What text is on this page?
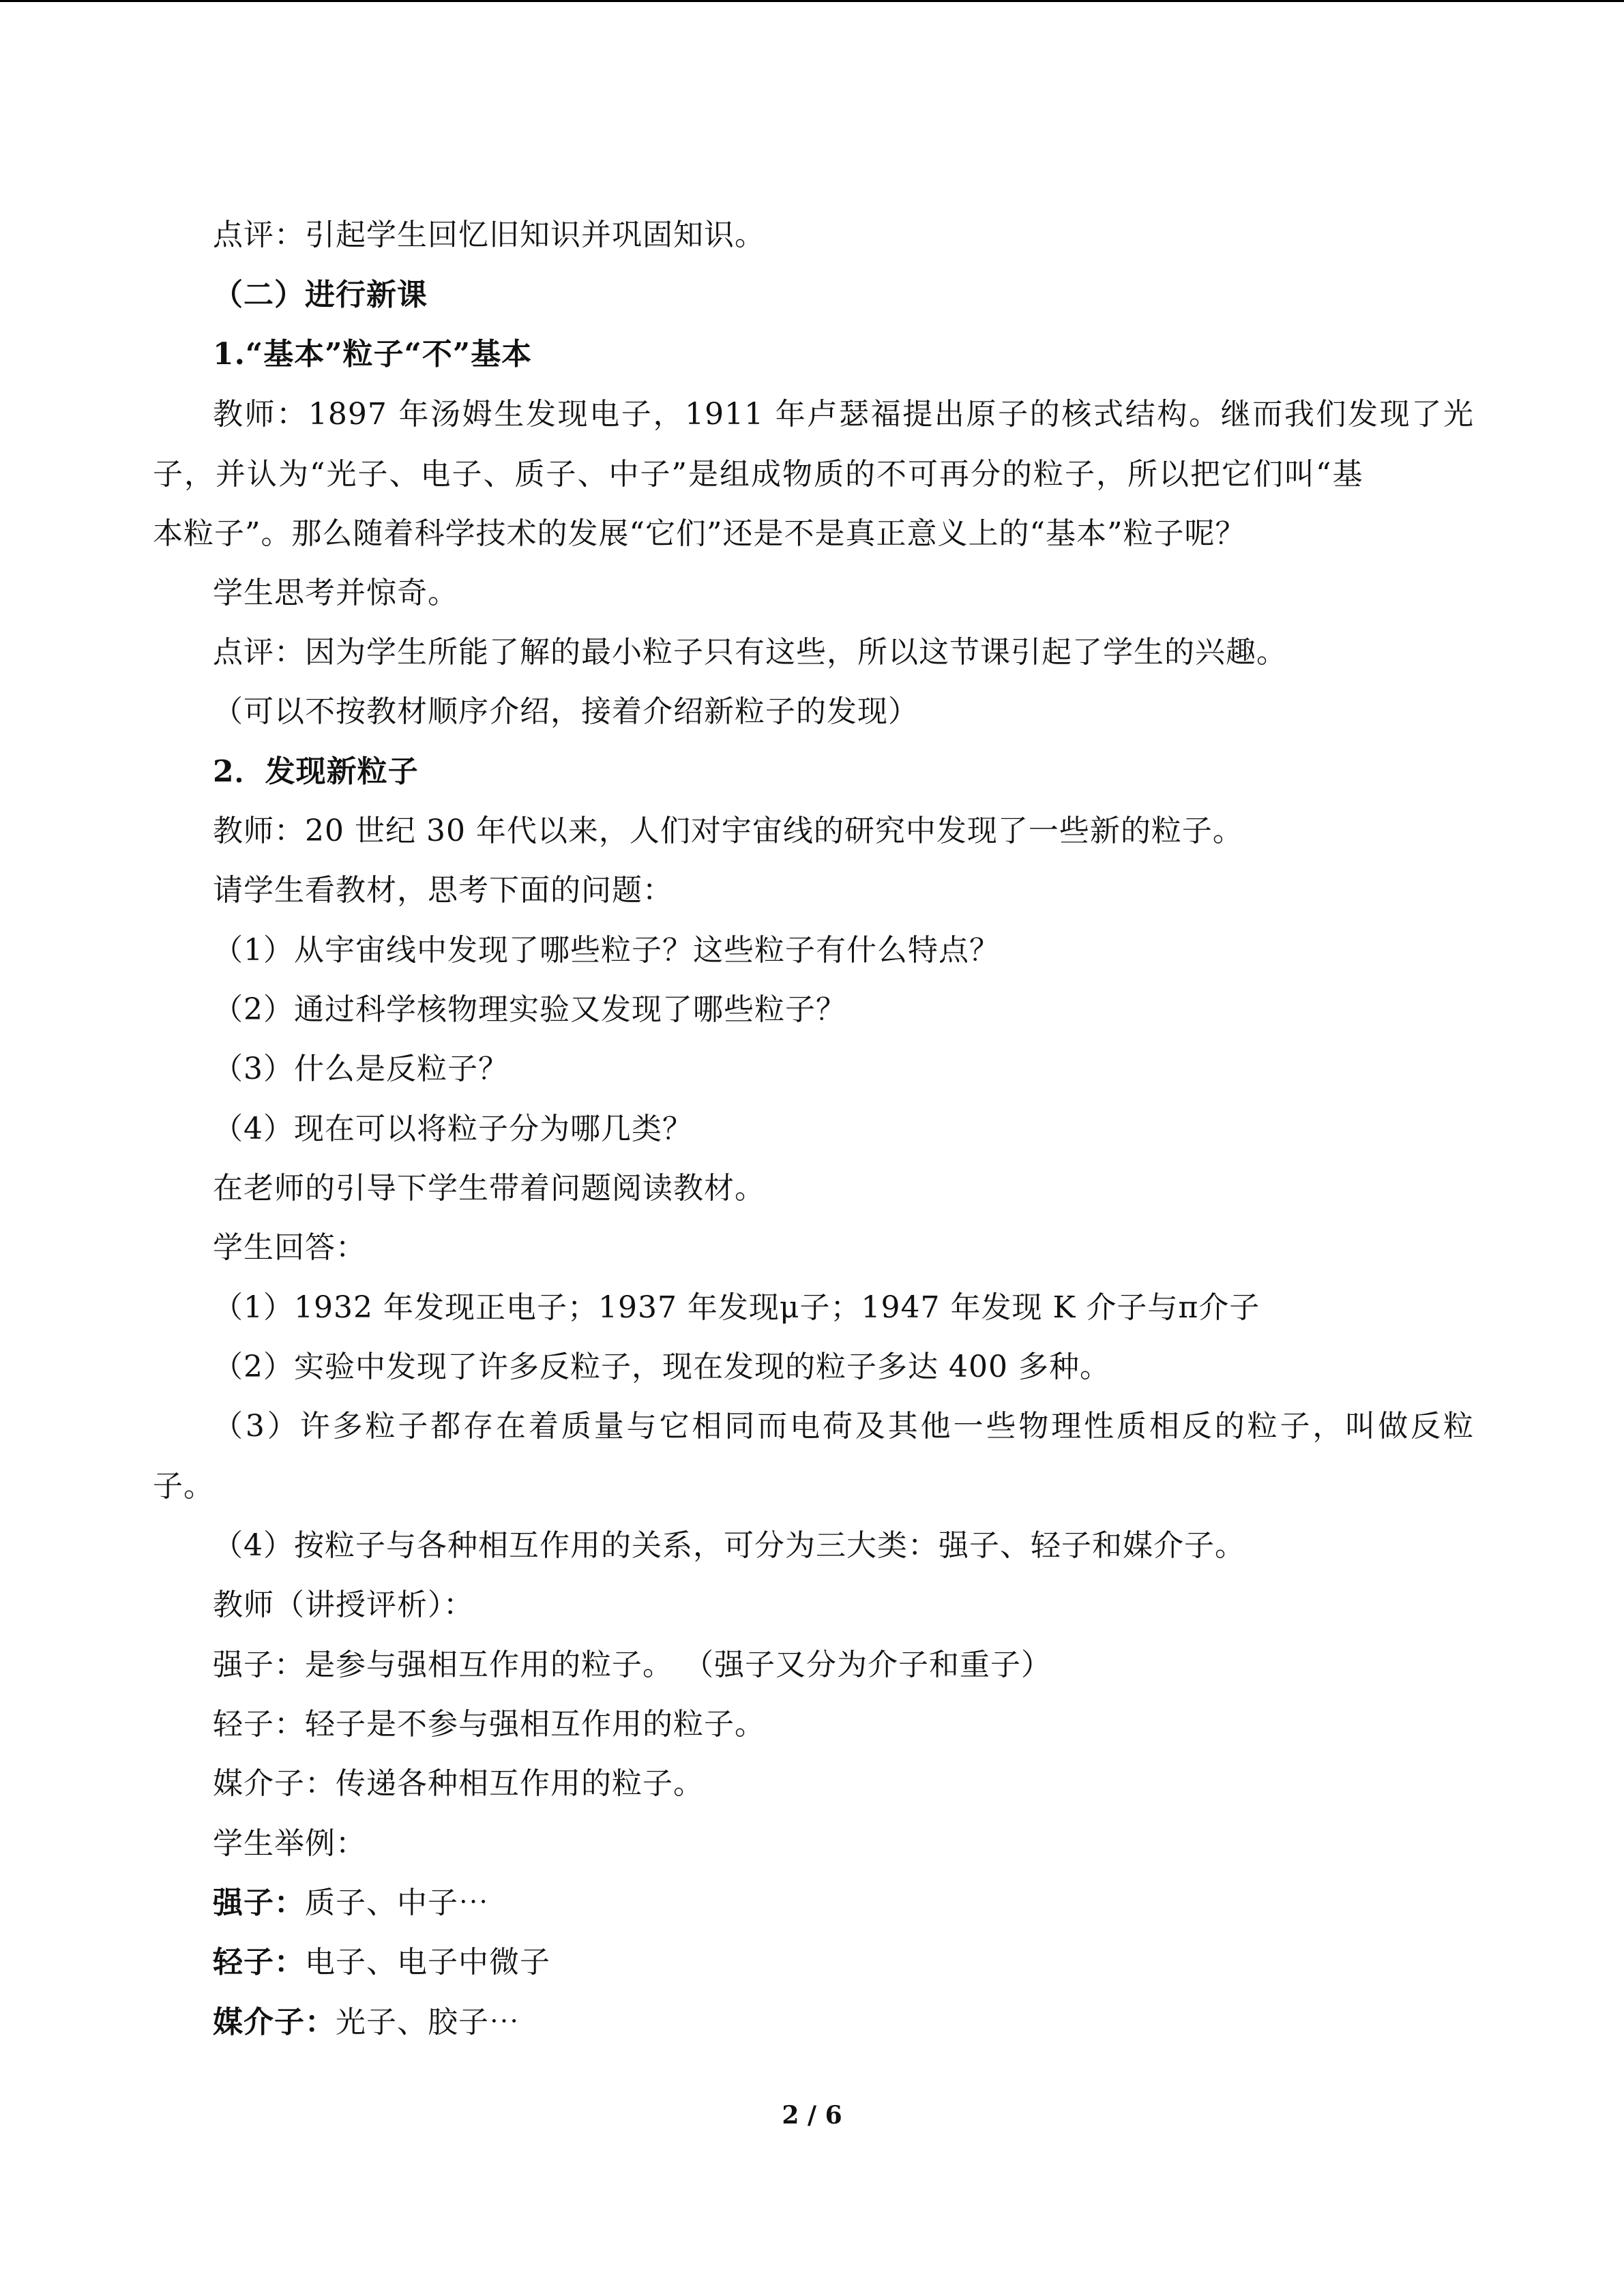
点评：引起学生回忆旧知识并巩固知识。
（二）进行新课
1.“基本”粒子“不”基本
教师：1897 年汤姆生发现电子，1911 年卢瑟福提出原子的核式结构。继而我们发现了光
子，并认为“光子、电子、质子、中子”是组成物质的不可再分的粒子，所以把它们叫“基
本粒子”。那么随着科学技术的发展“它们”还是不是真正意义上的“基本”粒子呢？
学生思考并惊奇。
点评：因为学生所能了解的最小粒子只有这些，所以这节课引起了学生的兴趣。
（可以不按教材顺序介绍，接着介绍新粒子的发现）
2．发现新粒子
教师：20 世纪 30 年代以来，人们对宇宙线的研究中发现了一些新的粒子。
请学生看教材，思考下面的问题：
（1）从宇宙线中发现了哪些粒子？这些粒子有什么特点？
（2）通过科学核物理实验又发现了哪些粒子？
（3）什么是反粒子？
（4）现在可以将粒子分为哪几类？
在老师的引导下学生带着问题阅读教材。
学生回答：
（1）1932 年发现正电子；1937 年发现μ子；1947 年发现 K 介子与π介子
（2）实验中发现了许多反粒子，现在发现的粒子多达 400 多种。
（3）许多粒子都存在着质量与它相同而电荷及其他一些物理性质相反的粒子，叫做反粒
子。
（4）按粒子与各种相互作用的关系，可分为三大类：强子、轻子和媒介子。
教师（讲授评析）：
强子：是参与强相互作用的粒子。 （强子又分为介子和重子）
轻子：轻子是不参与强相互作用的粒子。
媒介子：传递各种相互作用的粒子。
学生举例：
强子：质子、中子⋯
轻子：电子、电子中微子
媒介子：光子、胶子⋯
2 / 6
